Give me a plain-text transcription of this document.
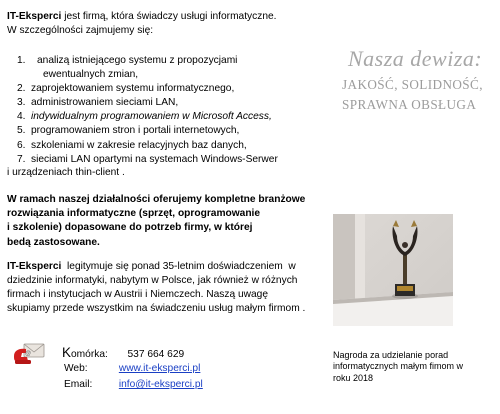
IT-Eksperci jest firmą, która świadczy usługi informatyczne.
W szczególności zajmujemy się:
1. analizą istniejącego systemu z propozycjami
ewentualnych zmian,
2. zaprojektowaniem systemu informatycznego,
3. administrowaniem sieciami LAN,
4. indywidualnym programowaniem w Microsoft Access,
5. programowaniem stron i portali internetowych,
6. szkoleniami w zakresie relacyjnych baz danych,
7. sieciami LAN opartymi na systemach Windows-Serwer
i urządzeniach thin-client .
W ramach naszej działalności oferujemy kompletne branżowe
rozwiązania informatyczne (sprzęt, oprogramowanie
i szkolenie) dopasowane do potrzeb firmy, w której
bedą zastosowane.
IT-Eksperci  legitymuje się ponad 35-letnim doświadczeniem  w
dziedzinie informatyki, nabytym w Polsce, jak również w różnych
firmach i instytucjach w Austrii i Niemczech. Naszą uwagę
skupiamy przede wszystkim na świadczeniu usług małym firmom .
Nasza dewiza:
JAKOŚĆ, SOLIDNOŚĆ,
SPRAWNA OBSŁUGA
Nagroda za udzielanie porad
informatycznych małym fimom w
roku 2018
@ Komórka: 537 664 629
Web:	www.it-eksperci.pl
Email:	info@it-eksperci.pl
